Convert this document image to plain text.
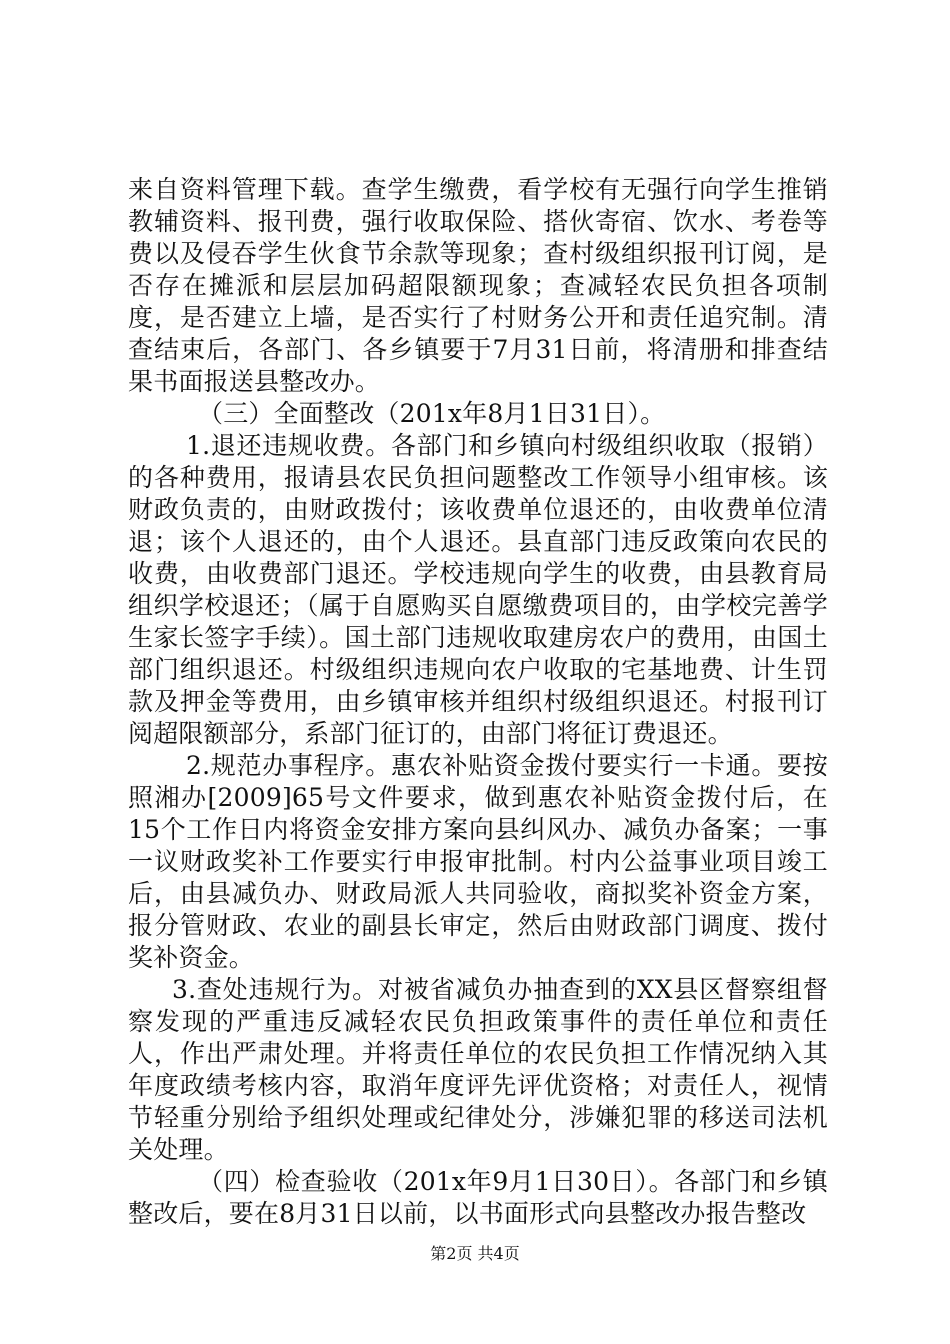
来自资料管理下载。查学生缴费，看学校有无强行向学生推销教辅资料、报刊费，强行收取保险、搭伙寄宿、饮水、考卷等费以及侵吞学生伙食节余款等现象；查村级组织报刊订阅，是否存在摊派和层层加码超限额现象；查减轻农民负担各项制度，是否建立上墙，是否实行了村财务公开和责任追究制。清查结束后，各部门、各乡镇要于7月31日前，将清册和排查结果书面报送县整改办。

（三）全面整改（201x年8月1日31日）。

1.退还违规收费。各部门和乡镇向村级组织收取（报销）的各种费用，报请县农民负担问题整改工作领导小组审核。该财政负责的，由财政拨付；该收费单位退还的，由收费单位清退；该个人退还的，由个人退还。县直部门违反政策向农民的收费，由收费部门退还。学校违规向学生的收费，由县教育局组织学校退还；（属于自愿购买自愿缴费项目的，由学校完善学生家长签字手续）。国土部门违规收取建房农户的费用，由国土部门组织退还。村级组织违规向农户收取的宅基地费、计生罚款及押金等费用，由乡镇审核并组织村级组织退还。村报刊订阅超限额部分，系部门征订的，由部门将征订费退还。

2.规范办事程序。惠农补贴资金拨付要实行一卡通。要按照湘办[2009]65号文件要求，做到惠农补贴资金拨付后，在15个工作日内将资金安排方案向县纠风办、减负办备案；一事一议财政奖补工作要实行申报审批制。村内公益事业项目竣工后，由县减负办、财政局派人共同验收，商拟奖补资金方案，报分管财政、农业的副县长审定，然后由财政部门调度、拨付奖补资金。

3.查处违规行为。对被省减负办抽查到的XX县区督察组督察发现的严重违反减轻农民负担政策事件的责任单位和责任人，作出严肃处理。并将责任单位的农民负担工作情况纳入其年度政绩考核内容，取消年度评先评优资格；对责任人，视情节轻重分别给予组织处理或纪律处分，涉嫌犯罪的移送司法机关处理。

（四）检查验收（201x年9月1日30日）。各部门和乡镇整改后，要在8月31日以前，以书面形式向县整改办报告整改

第2页 共4页
